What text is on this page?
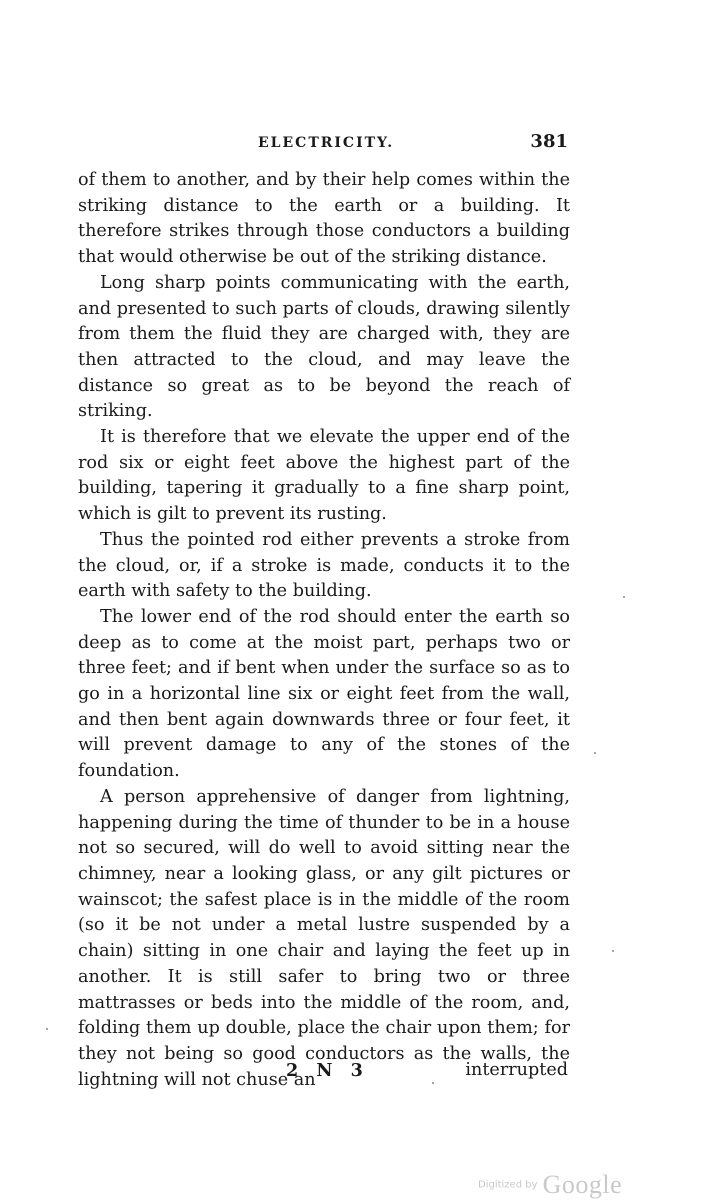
ELECTRICITY.	381

of them to another, and by their help comes within the striking distance to the earth or a building. It therefore strikes through those conductors a building that would otherwise be out of the striking distance.

Long sharp points communicating with the earth, and presented to such parts of clouds, drawing silently from them the fluid they are charged with, they are then attracted to the cloud, and may leave the distance so great as to be beyond the reach of striking.

It is therefore that we elevate the upper end of the rod six or eight feet above the highest part of the building, tapering it gradually to a fine sharp point, which is gilt to prevent its rusting.

Thus the pointed rod either prevents a stroke from the cloud, or, if a stroke is made, conducts it to the earth with safety to the building.

The lower end of the rod should enter the earth so deep as to come at the moist part, perhaps two or three feet; and if bent when under the surface so as to go in a horizontal line six or eight feet from the wall, and then bent again downwards three or four feet, it will prevent damage to any of the stones of the foundation.

A person apprehensive of danger from lightning, happening during the time of thunder to be in a house not so secured, will do well to avoid sitting near the chimney, near a looking glass, or any gilt pictures or wainscot; the safest place is in the middle of the room (so it be not under a metal lustre suspended by a chain) sitting in one chair and laying the feet up in another. It is still safer to bring two or three mattrasses or beds into the middle of the room, and, folding them up double, place the chair upon them; for they not being so good conductors as the walls, the lightning will not chuse an

2 N 3	interrupted
Digitized by Google
